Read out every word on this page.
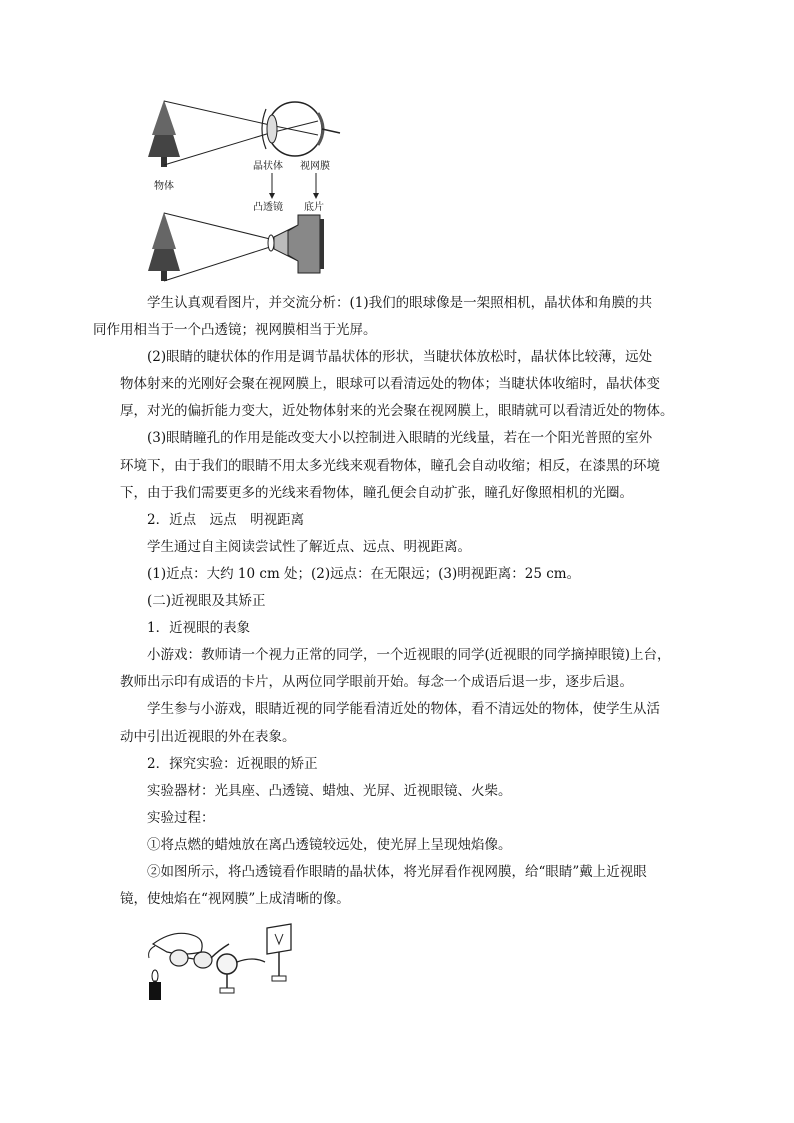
晶状体 视网膜
物体
凸透镜 底片

学生认真观看图片，并交流分析：(1)我们的眼球像是一架照相机，晶状体和角膜的共
同作用相当于一个凸透镜；视网膜相当于光屏。

(2)眼睛的睫状体的作用是调节晶状体的形状，当睫状体放松时，晶状体比较薄，远处
物体射来的光刚好会聚在视网膜上，眼球可以看清远处的物体；当睫状体收缩时，晶状体变
厚，对光的偏折能力变大，近处物体射来的光会聚在视网膜上，眼睛就可以看清近处的物体。

(3)眼睛瞳孔的作用是能改变大小以控制进入眼睛的光线量，若在一个阳光普照的室外
环境下，由于我们的眼睛不用太多光线来观看物体，瞳孔会自动收缩；相反，在漆黑的环境
下，由于我们需要更多的光线来看物体，瞳孔便会自动扩张，瞳孔好像照相机的光圈。

2．近点　远点　明视距离

学生通过自主阅读尝试性了解近点、远点、明视距离。

(1)近点：大约 10 cm 处；(2)远点：在无限远；(3)明视距离：25 cm。

(二)近视眼及其矫正

1．近视眼的表象

小游戏：教师请一个视力正常的同学，一个近视眼的同学(近视眼的同学摘掉眼镜)上台，
教师出示印有成语的卡片，从两位同学眼前开始。每念一个成语后退一步，逐步后退。

学生参与小游戏，眼睛近视的同学能看清近处的物体，看不清远处的物体，使学生从活
动中引出近视眼的外在表象。

2．探究实验：近视眼的矫正

实验器材：光具座、凸透镜、蜡烛、光屏、近视眼镜、火柴。

实验过程：

①将点燃的蜡烛放在离凸透镜较远处，使光屏上呈现烛焰像。

②如图所示，将凸透镜看作眼睛的晶状体，将光屏看作视网膜，给“眼睛”戴上近视眼
镜，使烛焰在“视网膜”上成清晰的像。
